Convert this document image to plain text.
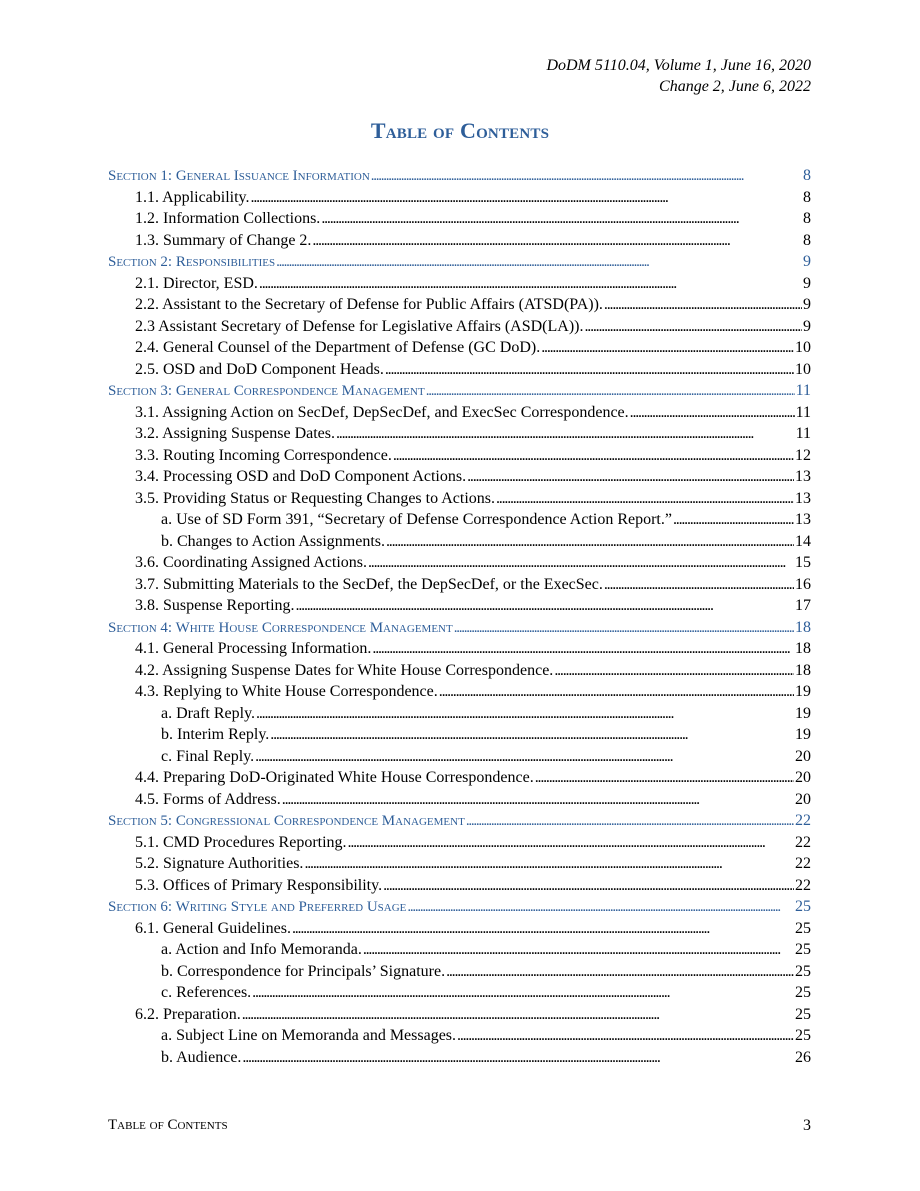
DoDM 5110.04, Volume 1, June 16, 2020
Change 2, June 6, 2022
Table of Contents
Section 1: General Issuance Information . . .	8
1.1. Applicability. . . .	8
1.2. Information Collections. . . .	8
1.3. Summary of Change 2. . . .	8
Section 2: Responsibilities . . .	9
2.1. Director, ESD. . . .	9
2.2. Assistant to the Secretary of Defense for Public Affairs (ATSD(PA)). . . .	9
2.3 Assistant Secretary of Defense for Legislative Affairs (ASD(LA)). . . .	9
2.4. General Counsel of the Department of Defense (GC DoD). . . .	10
2.5. OSD and DoD Component Heads. . . .	10
Section 3: General Correspondence Management . . .	11
3.1. Assigning Action on SecDef, DepSecDef, and ExecSec Correspondence. . . .	11
3.2. Assigning Suspense Dates. . . .	11
3.3. Routing Incoming Correspondence. . . .	12
3.4. Processing OSD and DoD Component Actions. . . .	13
3.5. Providing Status or Requesting Changes to Actions. . . .	13
a. Use of SD Form 391, “Secretary of Defense Correspondence Action Report.” . . .	13
b. Changes to Action Assignments. . . .	14
3.6. Coordinating Assigned Actions. . . .	15
3.7. Submitting Materials to the SecDef, the DepSecDef, or the ExecSec. . . .	16
3.8. Suspense Reporting. . . .	17
Section 4: White House Correspondence Management . . .	18
4.1. General Processing Information. . . .	18
4.2. Assigning Suspense Dates for White House Correspondence. . . .	18
4.3. Replying to White House Correspondence. . . .	19
a. Draft Reply. . . .	19
b. Interim Reply. . . .	19
c. Final Reply. . . .	20
4.4. Preparing DoD-Originated White House Correspondence. . . .	20
4.5. Forms of Address. . . .	20
Section 5: Congressional Correspondence Management . . .	22
5.1. CMD Procedures Reporting. . . .	22
5.2. Signature Authorities. . . .	22
5.3. Offices of Primary Responsibility. . . .	22
Section 6: Writing Style and Preferred Usage . . .	25
6.1. General Guidelines. . . .	25
a. Action and Info Memoranda. . . .	25
b. Correspondence for Principals’ Signature. . . .	25
c. References. . . .	25
6.2. Preparation. . . .	25
a. Subject Line on Memoranda and Messages. . . .	25
b. Audience. . . .	26
Table of Contents	3
